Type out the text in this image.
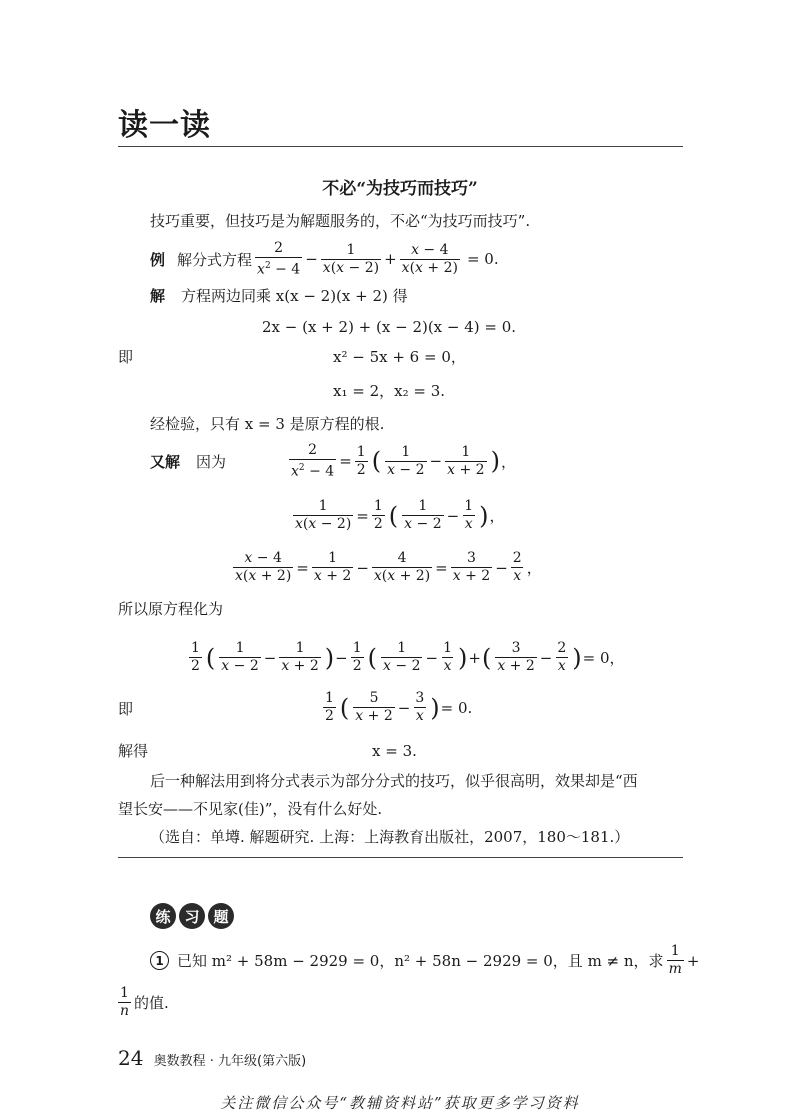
读一读
不必“为技巧而技巧”
技巧重要，但技巧是为解题服务的，不必“为技巧而技巧”.
例 解分式方程 $\frac{2}{x^2 - 4} - \frac{1}{x(x - 2)} + \frac{x - 4}{x(x + 2)} = 0$.
解 方程两边同乘 x(x − 2)(x + 2) 得
2x − (x + 2) + (x − 2)(x − 4) = 0.
即	x² − 5x + 6 = 0，
x₁ = 2，x₂ = 3.
经检验，只有 x = 3 是原方程的根.
又解 因为	$\frac{2}{x^2 - 4} = \frac{1}{2}$ ( $\frac{1}{x - 2} - \frac{1}{x + 2}$ ) ，
$\frac{1}{x(x - 2)} = \frac{1}{2}$ ( $\frac{1}{x - 2} - \frac{1}{x}$ ) ，
$\frac{x - 4}{x(x + 2)} = \frac{1}{x + 2} - \frac{4}{x(x + 2)} = \frac{3}{x + 2} - \frac{2}{x}$ ，
所以原方程化为
$\frac{1}{2}$ ( $\frac{1}{x - 2} - \frac{1}{x + 2}$ ) − $\frac{1}{2}$ ( $\frac{1}{x - 2} - \frac{1}{x}$ ) + ( $\frac{3}{x + 2} - \frac{2}{x}$ ) = 0，
即	$\frac{1}{2}$ ( $\frac{5}{x + 2} - \frac{3}{x}$ ) = 0.
解得	x = 3.
后一种解法用到将分式表示为部分分式的技巧，似乎很高明，效果却是“西
望长安——不见家(佳)”，没有什么好处.
（选自：单墫. 解题研究. 上海：上海教育出版社，2007，180～181.）
练 习 题
1 已知 m² + 58m − 2929 = 0，n² + 58n − 2929 = 0，且 m ≠ n，求 $\frac{1}{m}$ +
$\frac{1}{n}$ 的值.
24 奥数教程 · 九年级(第六版)
关注微信公众号“教辅资料站”获取更多学习资料
